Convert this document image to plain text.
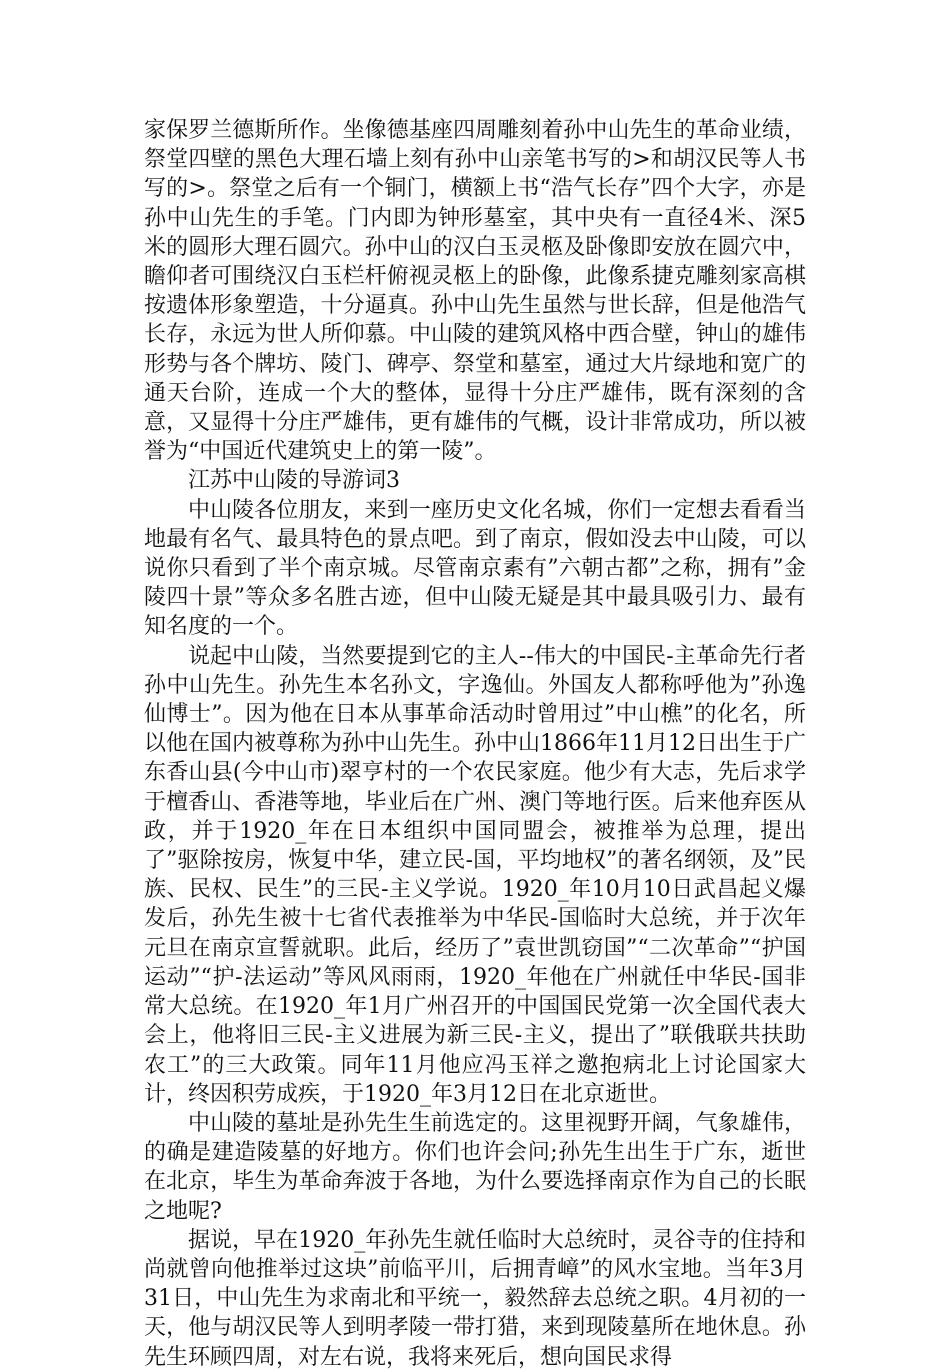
家保罗兰德斯所作。坐像德基座四周雕刻着孙中山先生的革命业绩，祭堂四壁的黑色大理石墙上刻有孙中山亲笔书写的>和胡汉民等人书写的>。祭堂之后有一个铜门，横额上书“浩气长存”四个大字，亦是孙中山先生的手笔。门内即为钟形墓室，其中央有一直径4米、深5米的圆形大理石圆穴。孙中山的汉白玉灵柩及卧像即安放在圆穴中，瞻仰者可围绕汉白玉栏杆俯视灵柩上的卧像，此像系捷克雕刻家高棋按遗体形象塑造，十分逼真。孙中山先生虽然与世长辞，但是他浩气长存，永远为世人所仰慕。中山陵的建筑风格中西合壁，钟山的雄伟形势与各个牌坊、陵门、碑亭、祭堂和墓室，通过大片绿地和宽广的通天台阶，连成一个大的整体，显得十分庄严雄伟，既有深刻的含意，又显得十分庄严雄伟，更有雄伟的气概，设计非常成功，所以被誉为“中国近代建筑史上的第一陵”。

江苏中山陵的导游词3

中山陵各位朋友，来到一座历史文化名城，你们一定想去看看当地最有名气、最具特色的景点吧。到了南京，假如没去中山陵，可以说你只看到了半个南京城。尽管南京素有”六朝古都”之称，拥有”金陵四十景”等众多名胜古迹，但中山陵无疑是其中最具吸引力、最有知名度的一个。

说起中山陵，当然要提到它的主人--伟大的中国民-主革命先行者孙中山先生。孙先生本名孙文，字逸仙。外国友人都称呼他为”孙逸仙博士”。因为他在日本从事革命活动时曾用过”中山樵”的化名，所以他在国内被尊称为孙中山先生。孙中山1866年11月12日出生于广东香山县(今中山市)翠亨村的一个农民家庭。他少有大志，先后求学于檀香山、香港等地，毕业后在广州、澳门等地行医。后来他弃医从政，并于1920_年在日本组织中国同盟会，被推举为总理，提出了”驱除按房，恢复中华，建立民-国，平均地权”的著名纲领，及”民族、民权、民生”的三民-主义学说。1920_年10月10日武昌起义爆发后，孙先生被十七省代表推举为中华民-国临时大总统，并于次年元旦在南京宣誓就职。此后，经历了”袁世凯窃国”“二次革命”“护国运动”“护-法运动”等风风雨雨，1920_年他在广州就任中华民-国非常大总统。在1920_年1月广州召开的中国国民党第一次全国代表大会上，他将旧三民-主义进展为新三民-主义，提出了”联俄联共扶助农工”的三大政策。同年11月他应冯玉祥之邀抱病北上讨论国家大计，终因积劳成疾，于1920_年3月12日在北京逝世。

中山陵的墓址是孙先生生前选定的。这里视野开阔，气象雄伟，的确是建造陵墓的好地方。你们也许会问;孙先生出生于广东，逝世在北京，毕生为革命奔波于各地，为什么要选择南京作为自己的长眠之地呢?

据说，早在1920_年孙先生就任临时大总统时，灵谷寺的住持和尚就曾向他推举过这块”前临平川，后拥青嶂”的风水宝地。当年3月31日，中山先生为求南北和平统一，毅然辞去总统之职。4月初的一天，他与胡汉民等人到明孝陵一带打猎，来到现陵墓所在地休息。孙先生环顾四周，对左右说，我将来死后，想向国民求得
